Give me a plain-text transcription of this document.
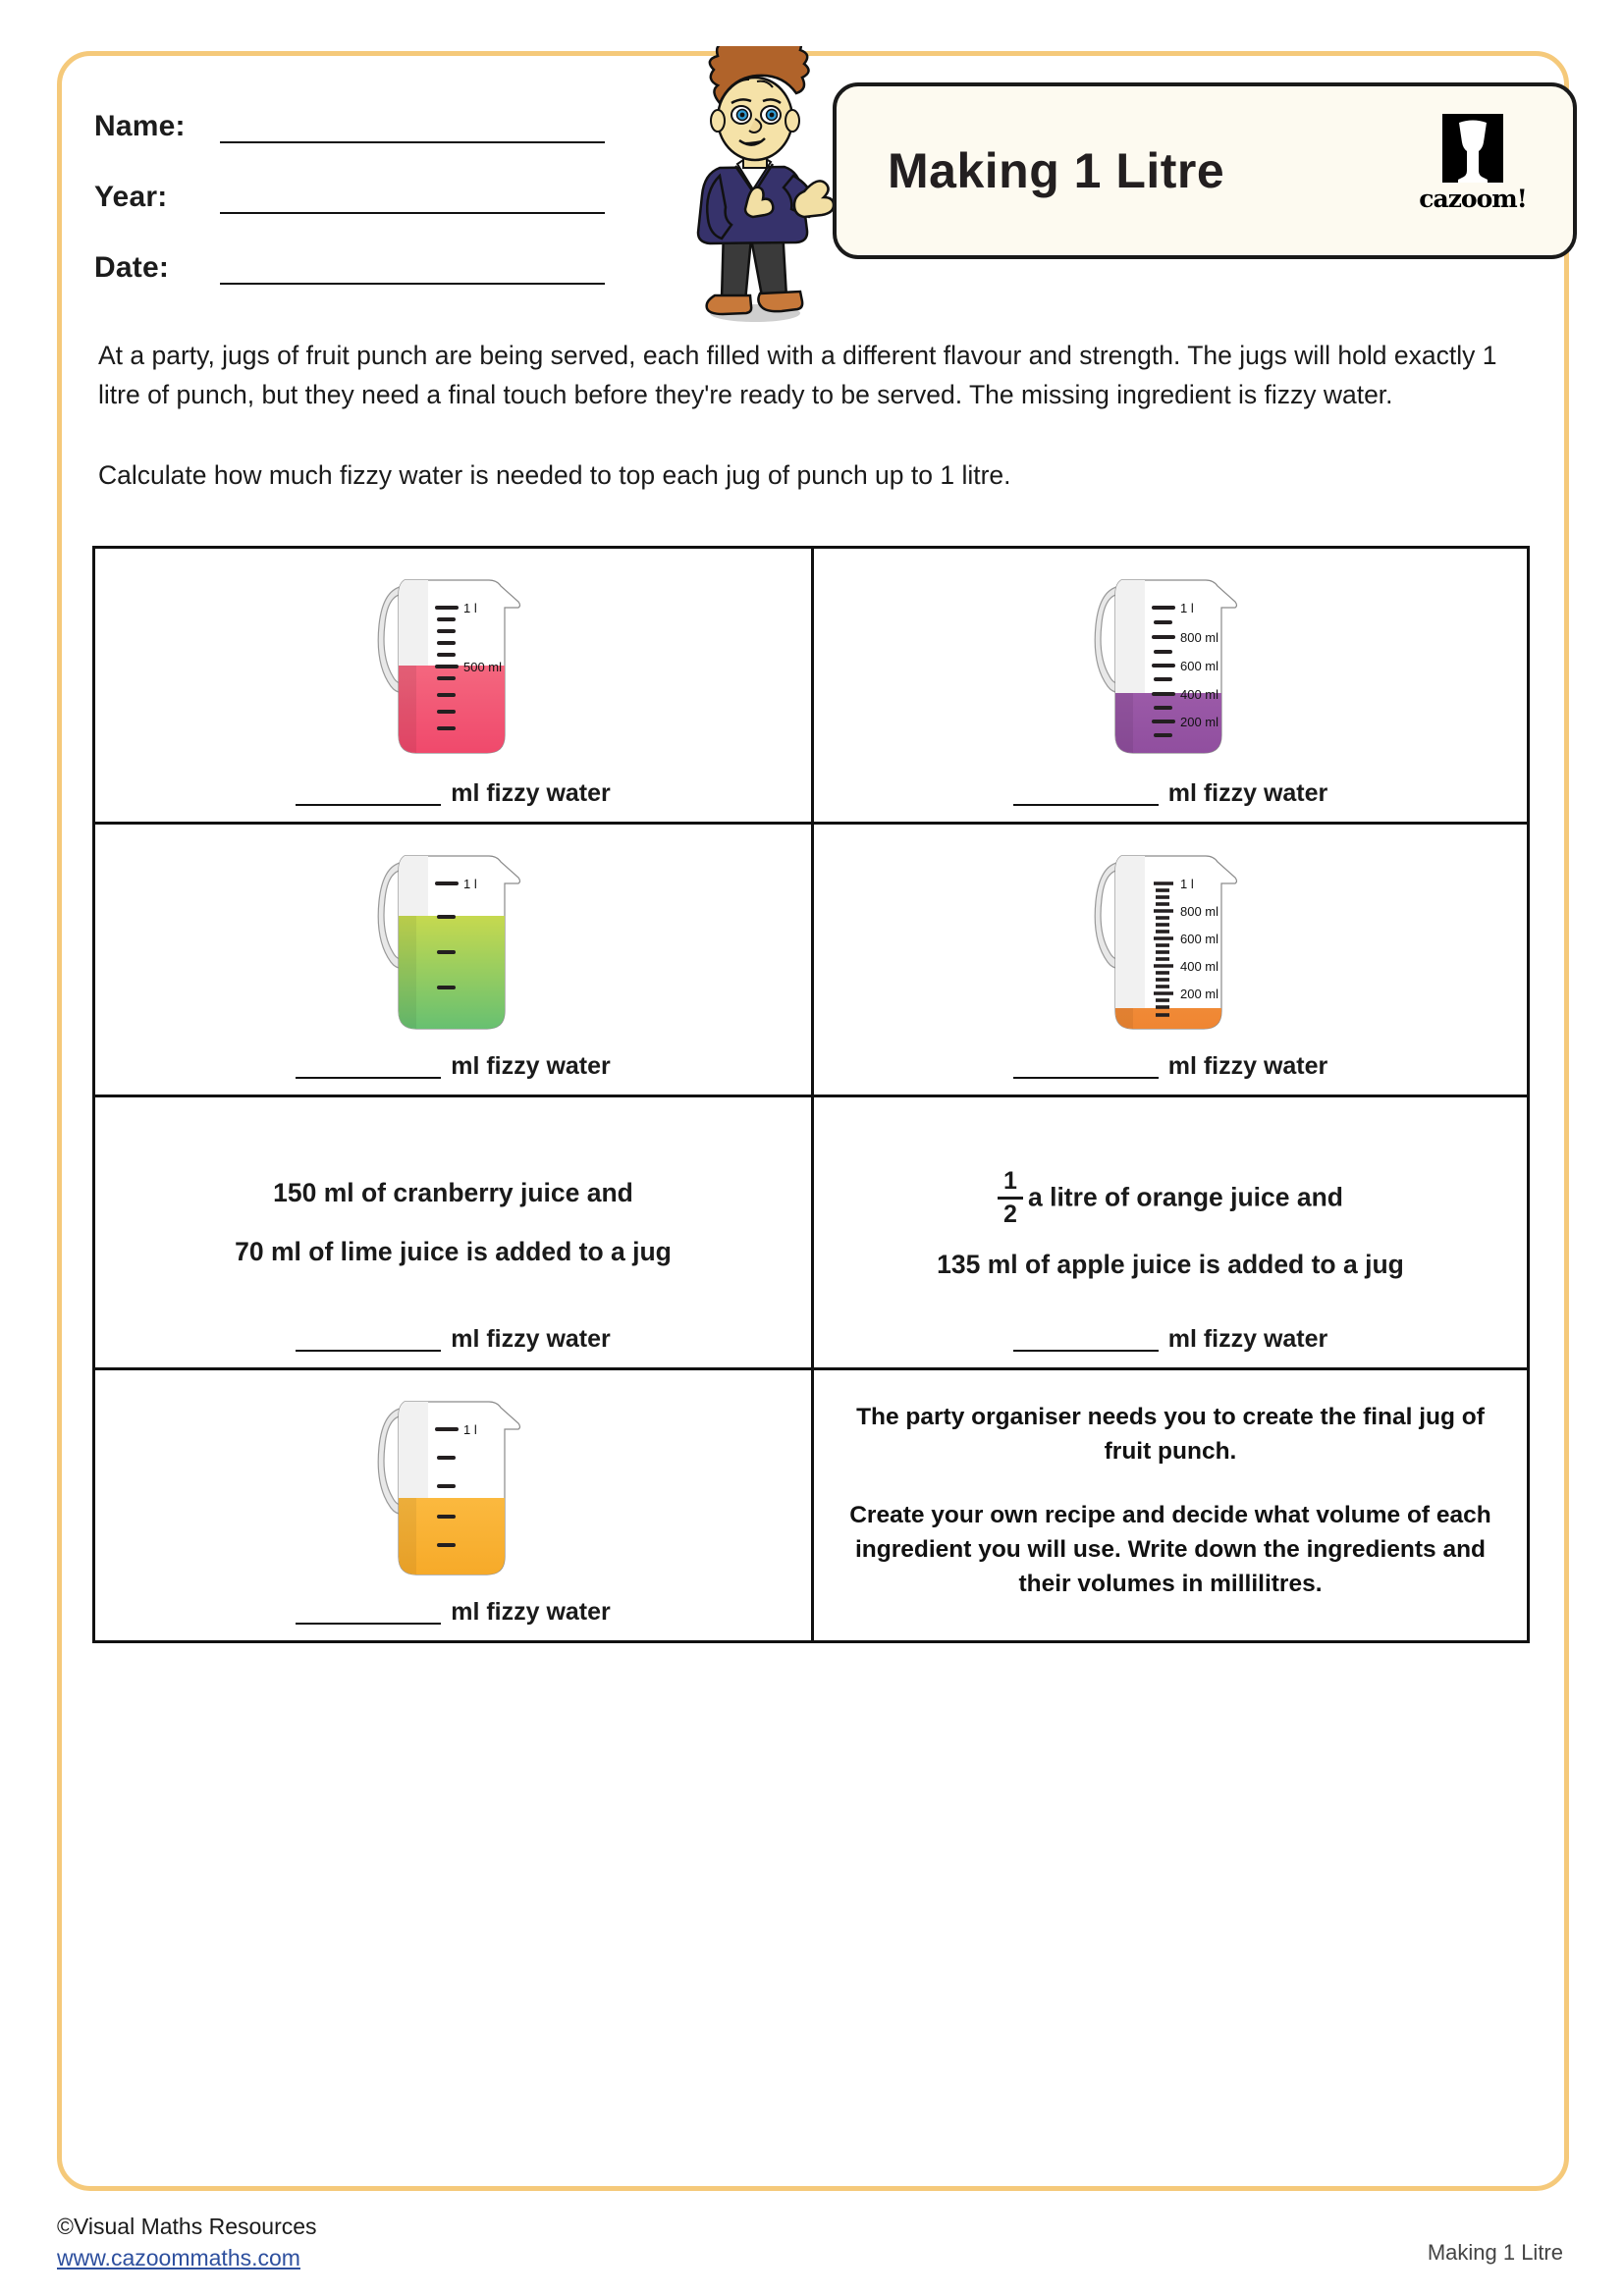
Name:
Year:
Date:
Making 1 Litre
cazoom!

At a party, jugs of fruit punch are being served, each filled with a different flavour and strength. The jugs will hold exactly 1 litre of punch, but they need a final touch before they're ready to be served. The missing ingredient is fizzy water.

Calculate how much fizzy water is needed to top each jug of punch up to 1 litre.

1 l
500 ml
ml fizzy water
1 l
800 ml
600 ml
400 ml
200 ml
ml fizzy water
1 l
ml fizzy water
1 l
800 ml
600 ml
400 ml
200 ml
ml fizzy water
150 ml of cranberry juice and
70 ml of lime juice is added to a jug
ml fizzy water
$\frac{1}{2}$ a litre of orange juice and
135 ml of apple juice is added to a jug
ml fizzy water
1 l
ml fizzy water

The party organiser needs you to create the final jug of fruit punch.

Create your own recipe and decide what volume of each ingredient you will use. Write down the ingredients and their volumes in millilitres.

©Visual Maths Resources
www.cazoommaths.com	Making 1 Litre
